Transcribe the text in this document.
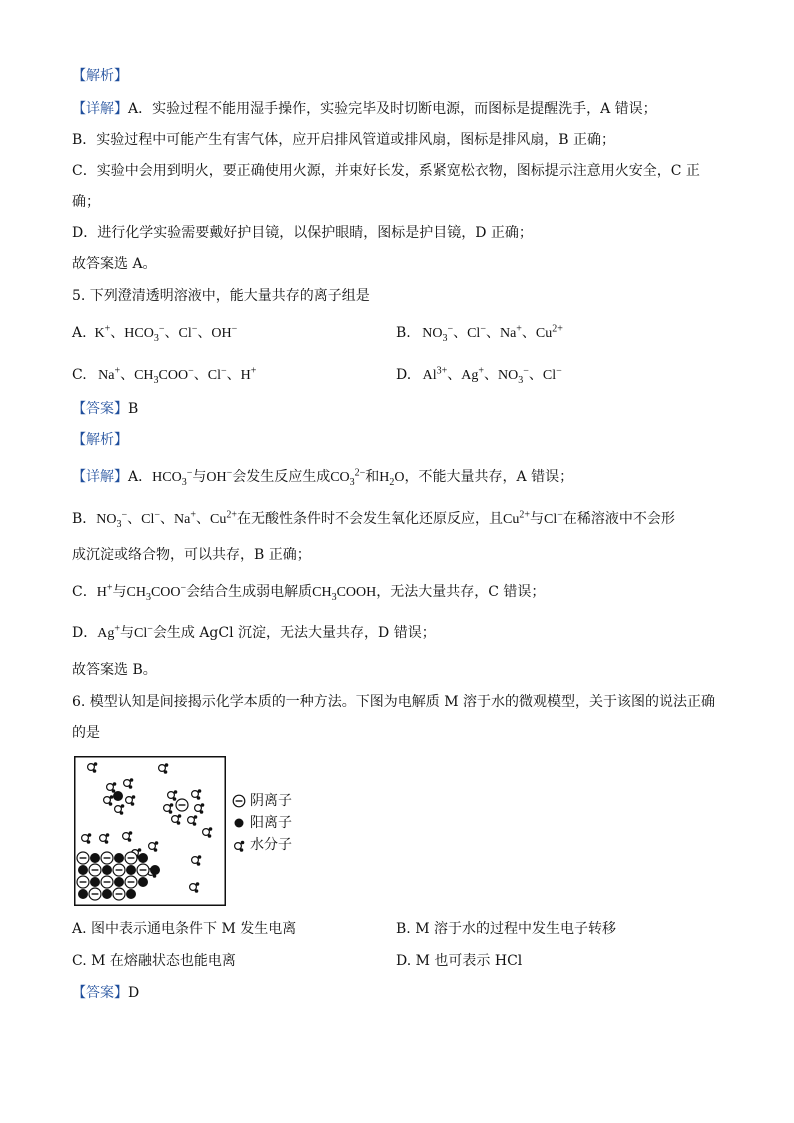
【解析】
【详解】A．实验过程不能用湿手操作，实验完毕及时切断电源，而图标是提醒洗手，A 错误；
B．实验过程中可能产生有害气体，应开启排风管道或排风扇，图标是排风扇，B 正确；
C．实验中会用到明火，要正确使用火源，并束好长发，系紧宽松衣物，图标提示注意用火安全，C 正
确；
D．进行化学实验需要戴好护目镜，以保护眼睛，图标是护目镜，D 正确；
故答案选 A。
5. 下列澄清透明溶液中，能大量共存的离子组是
A.  K+、$HCO_3^-$、Cl−、OH−	B.   $NO_3^-$、Cl−、Na+、$Cu^{2+}$
C.   Na+、$CH_3COO^-$、Cl−、H+	D.   $Al^{3+}$、Ag+、$NO_3^-$、Cl−
【答案】B
【解析】
【详解】A．$HCO_3^-$与OH−会发生反应生成$CO_3^{2-}$和$H_2O$，不能大量共存，A 错误；
B．$NO_3^-$、Cl−、Na+、$Cu^{2+}$在无酸性条件时不会发生氧化还原反应，且$Cu^{2+}$与Cl−在稀溶液中不会形
成沉淀或络合物，可以共存，B 正确；
C．H+与$CH_3COO^-$会结合生成弱电解质$CH_3COOH$，无法大量共存，C 错误；
D．Ag+与Cl−会生成 AgCl 沉淀，无法大量共存，D 错误；
故答案选 B。
6. 模型认知是间接揭示化学本质的一种方法。下图为电解质 M 溶于水的微观模型，关于该图的说法正确
的是
阴离子
阳离子
水分子
A. 图中表示通电条件下 M 发生电离	B. M 溶于水的过程中发生电子转移
C. M 在熔融状态也能电离	D. M 也可表示 HCl
【答案】D
